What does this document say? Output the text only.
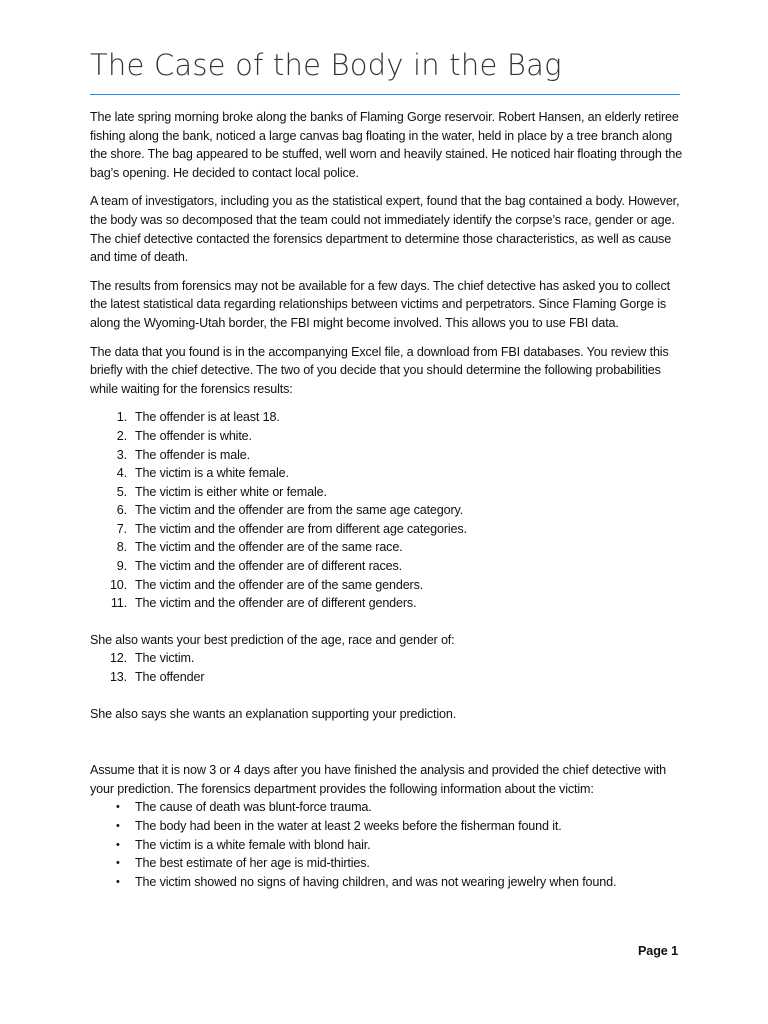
The Case of the Body in the Bag

The late spring morning broke along the banks of Flaming Gorge reservoir. Robert Hansen, an elderly retiree fishing along the bank, noticed a large canvas bag floating in the water, held in place by a tree branch along the shore. The bag appeared to be stuffed, well worn and heavily stained. He noticed hair floating through the bag’s opening. He decided to contact local police.

A team of investigators, including you as the statistical expert, found that the bag contained a body. However, the body was so decomposed that the team could not immediately identify the corpse’s race, gender or age. The chief detective contacted the forensics department to determine those characteristics, as well as cause and time of death.

The results from forensics may not be available for a few days. The chief detective has asked you to collect the latest statistical data regarding relationships between victims and perpetrators. Since Flaming Gorge is along the Wyoming-Utah border, the FBI might become involved. This allows you to use FBI data.

The data that you found is in the accompanying Excel file, a download from FBI databases. You review this briefly with the chief detective. The two of you decide that you should determine the following probabilities while waiting for the forensics results:

1. The offender is at least 18.
2. The offender is white.
3. The offender is male.
4. The victim is a white female.
5. The victim is either white or female.
6. The victim and the offender are from the same age category.
7. The victim and the offender are from different age categories.
8. The victim and the offender are of the same race.
9. The victim and the offender are of different races.
10. The victim and the offender are of the same genders.
11. The victim and the offender are of different genders.

She also wants your best prediction of the age, race and gender of:

12. The victim.
13. The offender

She also says she wants an explanation supporting your prediction.

Assume that it is now 3 or 4 days after you have finished the analysis and provided the chief detective with your prediction. The forensics department provides the following information about the victim:

•	The cause of death was blunt-force trauma.
•	The body had been in the water at least 2 weeks before the fisherman found it.
•	The victim is a white female with blond hair.
•	The best estimate of her age is mid-thirties.
•	The victim showed no signs of having children, and was not wearing jewelry when found.
Page 1
